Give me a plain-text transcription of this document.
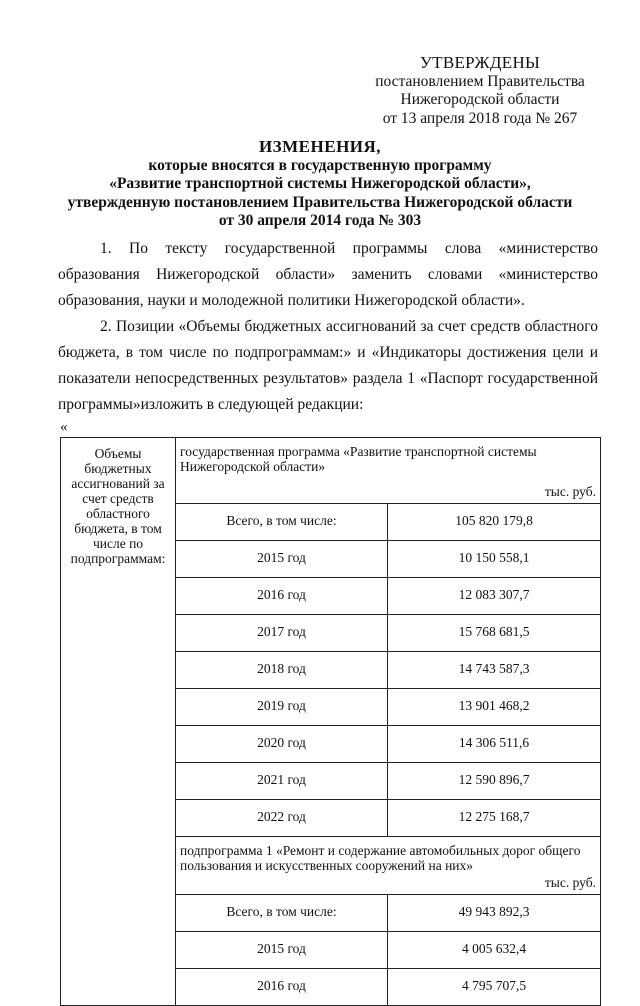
УТВЕРЖДЕНЫ
постановлением Правительства
Нижегородской области
от 13 апреля 2018 года № 267
ИЗМЕНЕНИЯ,
которые вносятся в государственную программу
«Развитие транспортной системы Нижегородской области»,
утвержденную постановлением Правительства Нижегородской области
от 30 апреля 2014 года № 303
1. По тексту государственной программы слова «министерство образования Нижегородской области» заменить словами «министерство образования, науки и молодежной политики Нижегородской области».
2. Позиции «Объемы бюджетных ассигнований за счет средств областного бюджета, в том числе по подпрограммам:» и «Индикаторы достижения цели и показатели непосредственных результатов» раздела 1 «Паспорт государственной программы»изложить в следующей редакции:
«
Объемы бюджетных ассигнований за счет средств областного бюджета, в том числе по подпрограммам:	государственная программа «Развитие транспортной системы Нижегородской области»
тыс. руб.	

	Всего, в том числе:	105 820 179,8
	2015 год	10 150 558,1
	2016 год	12 083 307,7
	2017 год	15 768 681,5
	2018 год	14 743 587,3
	2019 год	13 901 468,2
	2020 год	14 306 511,6
	2021 год	12 590 896,7
	2022 год	12 275 168,7

	подпрограмма 1 «Ремонт и содержание автомобильных дорог общего пользования и искусственных сооружений на них»
тыс. руб.	

	Всего, в том числе:	49 943 892,3
	2015 год	4 005 632,4
	2016 год	4 795 707,5
